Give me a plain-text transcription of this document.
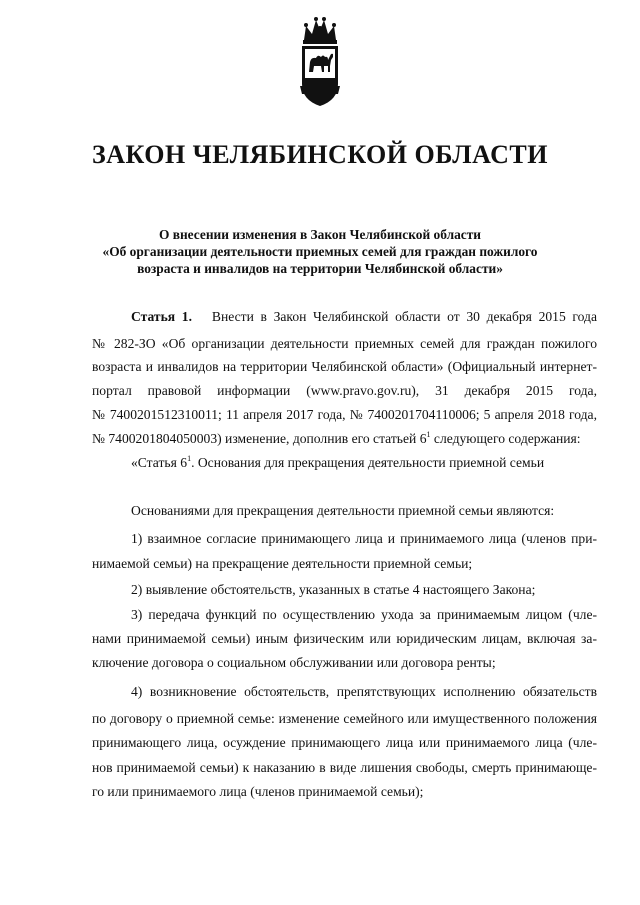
ЗАКОН ЧЕЛЯБИНСКОЙ ОБЛАСТИ
О внесении изменения в Закон Челябинской области
«Об организации деятельности приемных семей для граждан пожилого
возраста и инвалидов на территории Челябинской области»
Статья 1. Внести в Закон Челябинской области от 30 декабря 2015 года
№ 282-ЗО «Об организации деятельности приемных семей для граждан пожилого
возраста и инвалидов на территории Челябинской области» (Официальный интернет-
портал правовой информации (www.pravo.gov.ru), 31 декабря 2015 года,
№ 7400201512310011; 11 апреля 2017 года, № 7400201704110006; 5 апреля 2018 года,
№ 7400201804050003) изменение, дополнив его статьей $6^1$ следующего содержания:
«Статья $6^1$. Основания для прекращения деятельности приемной семьи
Основаниями для прекращения деятельности приемной семьи являются:
1) взаимное согласие принимающего лица и принимаемого лица (членов при-
нимаемой семьи) на прекращение деятельности приемной семьи;
2) выявление обстоятельств, указанных в статье 4 настоящего Закона;
3) передача функций по осуществлению ухода за принимаемым лицом (чле-
нами принимаемой семьи) иным физическим или юридическим лицам, включая за-
ключение договора о социальном обслуживании или договора ренты;
4) возникновение обстоятельств, препятствующих исполнению обязательств
по договору о приемной семье: изменение семейного или имущественного положения
принимающего лица, осуждение принимающего лица или принимаемого лица (чле-
нов принимаемой семьи) к наказанию в виде лишения свободы, смерть принимающе-
го или принимаемого лица (членов принимаемой семьи);
